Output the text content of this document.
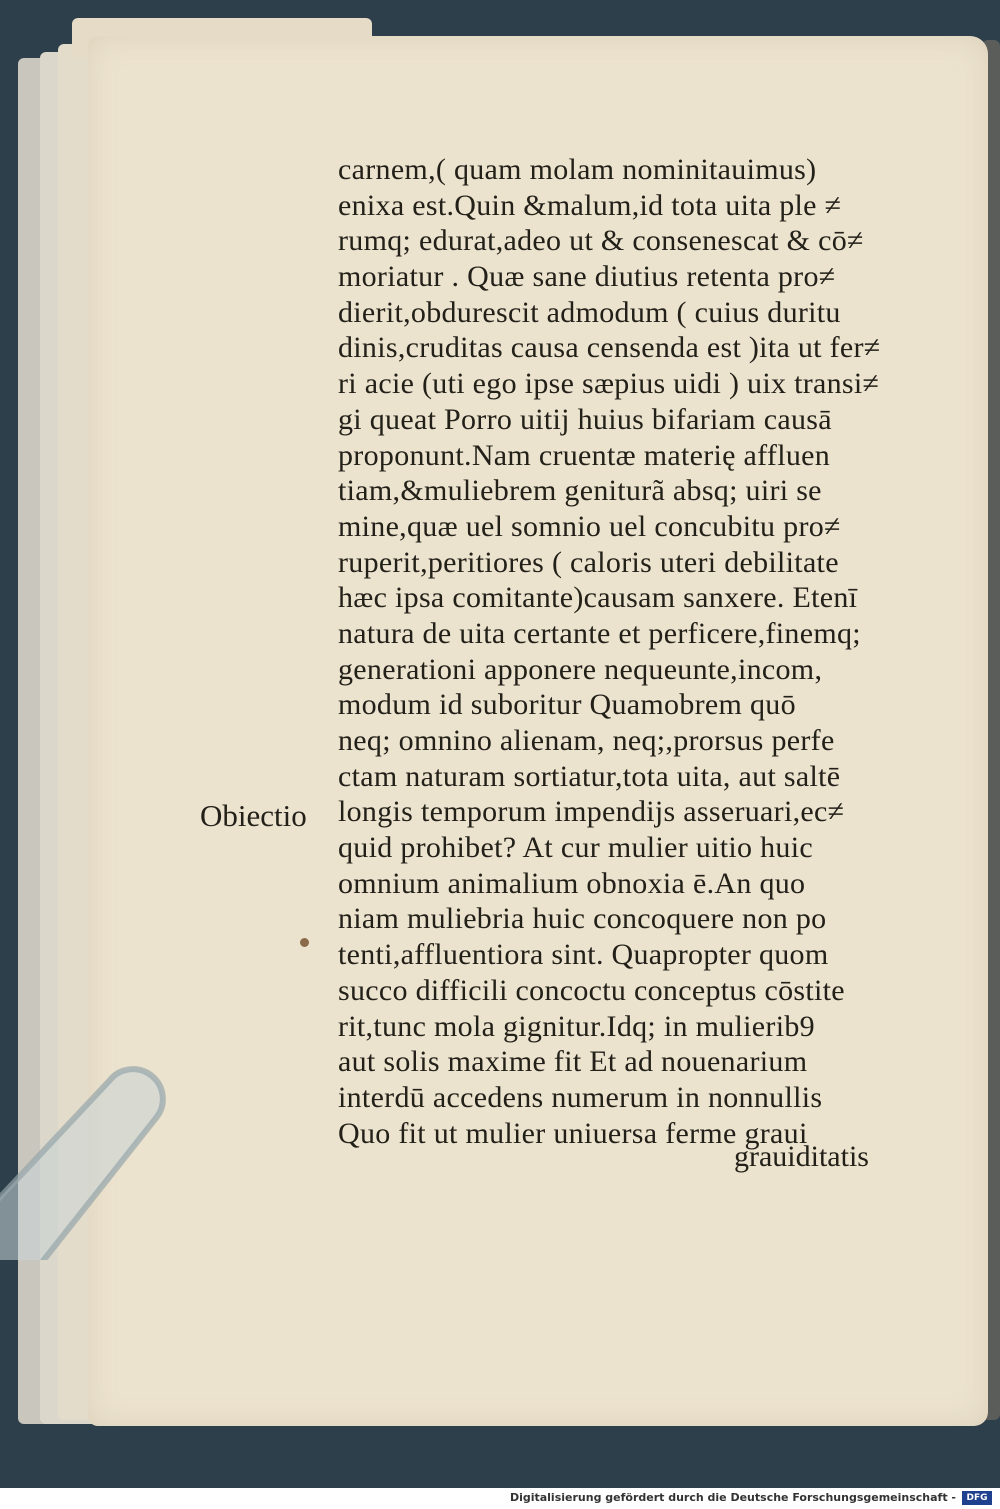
carnem,( quam molam nominitauimus)
enixa est.Quin &malum,id tota uita ple ≠
rumq; edurat,adeo ut & consenescat & cō≠
moriatur . Quæ sane diutius retenta pro≠
dierit,obdurescit admodum ( cuius duritu
dinis,cruditas causa censenda est )ita ut fer≠
ri acie (uti ego ipse sæpius uidi ) uix transi≠
gi queat Porro uitij huius bifariam causā
proponunt.Nam cruentæ materię affluen
tiam,&muliebrem geniturã absq; uiri se
mine,quæ uel somnio uel concubitu pro≠
ruperit,peritiores ( caloris uteri debilitate
hæc ipsa comitante)causam sanxere. Etenī
natura de uita certante et perficere,finemq;
generationi apponere nequeunte,incom,
modum id suboritur Quamobrem quō
neq; omnino alienam, neq;,prorsus perfe
ctam naturam sortiatur,tota uita, aut saltē
longis temporum impendijs asseruari,ec≠
quid prohibet? At cur mulier uitio huic
omnium animalium obnoxia ē.An quo
niam muliebria huic concoquere non po
tenti,affluentiora sint. Quapropter quom
succo difficili concoctu conceptus cōstite
rit,tunc mola gignitur.Idq; in mulierib9
aut solis maxime fit Et ad nouenarium
interdū accedens numerum in nonnullis
Quo fit ut mulier uniuersa ferme graui
grauiditatis
Obiectio
Digitalisierung gefördert durch die Deutsche Forschungsgemeinschaft -	DFG
